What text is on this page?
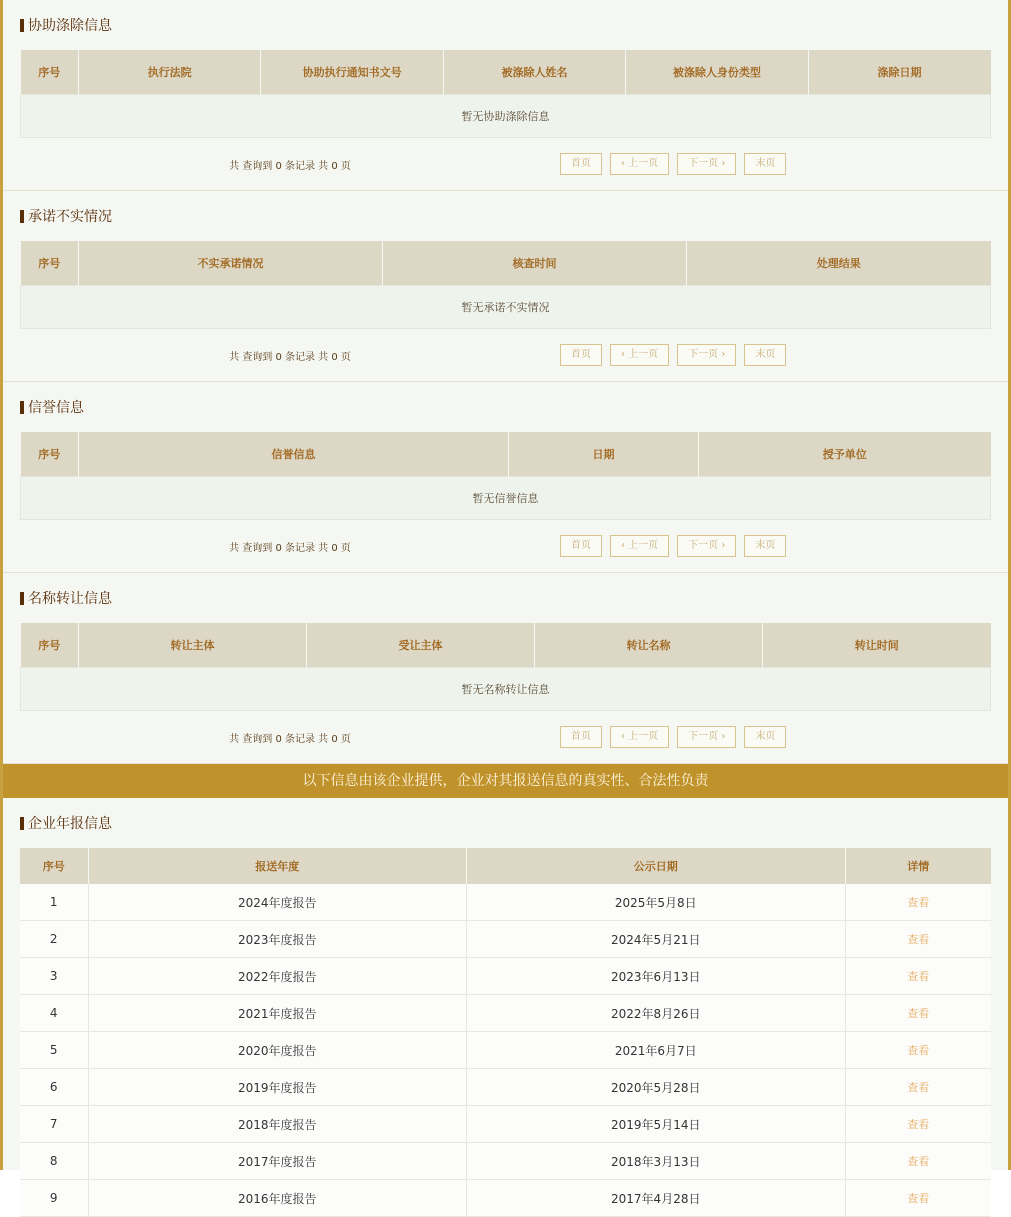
协助涤除信息
序号	执行法院	协助执行通知书文号	被涤除人姓名	被涤除人身份类型	涤除日期
暂无协助涤除信息
共 查询到 0 条记录 共 0 页	首页	‹ 上一页	下一页 ›	末页
承诺不实情况
序号	不实承诺情况	核查时间	处理结果
暂无承诺不实情况
共 查询到 0 条记录 共 0 页	首页	‹ 上一页	下一页 ›	末页
信誉信息
序号	信誉信息	日期	授予单位
暂无信誉信息
共 查询到 0 条记录 共 0 页	首页	‹ 上一页	下一页 ›	末页
名称转让信息
序号	转让主体	受让主体	转让名称	转让时间
暂无名称转让信息
共 查询到 0 条记录 共 0 页	首页	‹ 上一页	下一页 ›	末页
以下信息由该企业提供，企业对其报送信息的真实性、合法性负责
企业年报信息
序号	报送年度	公示日期	详情
1	2024年度报告	2025年5月8日	查看
2	2023年度报告	2024年5月21日	查看
3	2022年度报告	2023年6月13日	查看
4	2021年度报告	2022年8月26日	查看
5	2020年度报告	2021年6月7日	查看
6	2019年度报告	2020年5月28日	查看
7	2018年度报告	2019年5月14日	查看
8	2017年度报告	2018年3月13日	查看
9	2016年度报告	2017年4月28日	查看
